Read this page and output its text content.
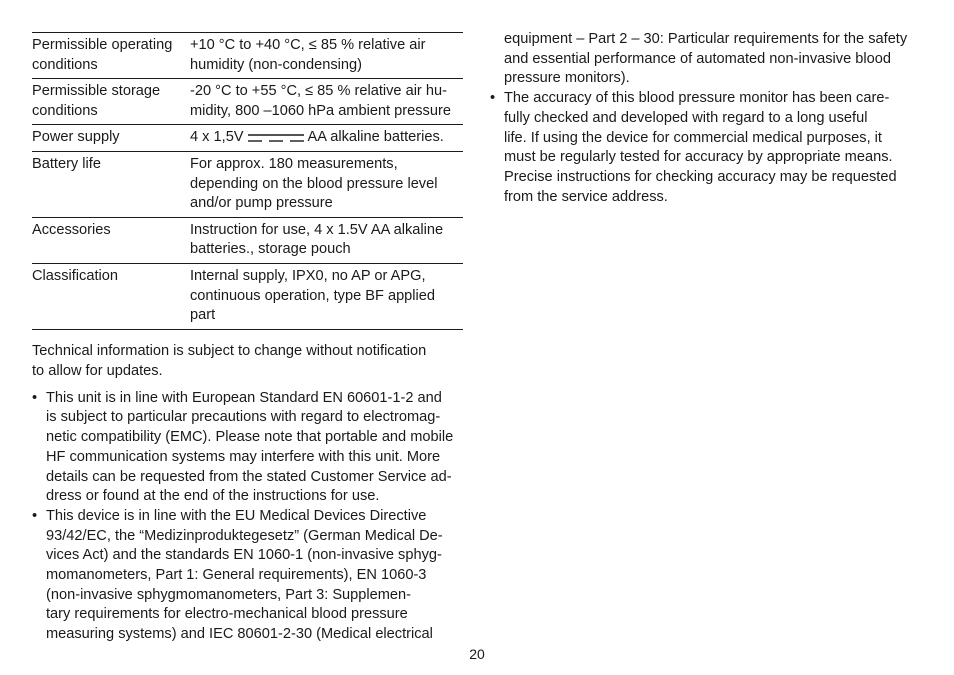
Permissible operating
conditions	+10 °C to +40 °C, ≤ 85 % relative air
humidity (non-condensing)

Permissible storage
conditions	-20 °C to +55 °C, ≤ 85 % relative air hu-
midity, 800 –1060 hPa ambient pressure

Power supply	4 x 1,5V AA alkaline batteries.

Battery life	For approx. 180 measurements,
depending on the blood pressure level
and/or pump pressure

Accessories	Instruction for use, 4 x 1.5V AA alkaline
batteries., storage pouch

Classification	Internal supply, IPX0, no AP or APG,
continuous operation, type BF applied
part

Technical information is subject to change without notification
to allow for updates.

• This unit is in line with European Standard EN 60601-1-2 and
is subject to particular precautions with regard to electromag-
netic compatibility (EMC). Please note that portable and mobile
HF communication systems may interfere with this unit. More
details can be requested from the stated Customer Service ad-
dress or found at the end of the instructions for use.
• This device is in line with the EU Medical Devices Directive
93/42/EC, the “Medizinproduktegesetz” (German Medical De-
vices Act) and the standards EN 1060-1 (non-invasive sphyg-
momanometers, Part 1: General requirements), EN 1060-3
(non-invasive sphygmomanometers, Part 3: Supplemen-
tary requirements for electro-mechanical blood pressure
measuring systems) and IEC 80601-2-30 (Medical electrical

equipment – Part 2 – 30: Particular requirements for the safety
and essential performance of automated non-invasive blood
pressure monitors).

• The accuracy of this blood pressure monitor has been care-
fully checked and developed with regard to a long useful
life. If using the device for commercial medical purposes, it
must be regularly tested for accuracy by appropriate means.
Precise instructions for checking accuracy may be requested
from the service address.
20
